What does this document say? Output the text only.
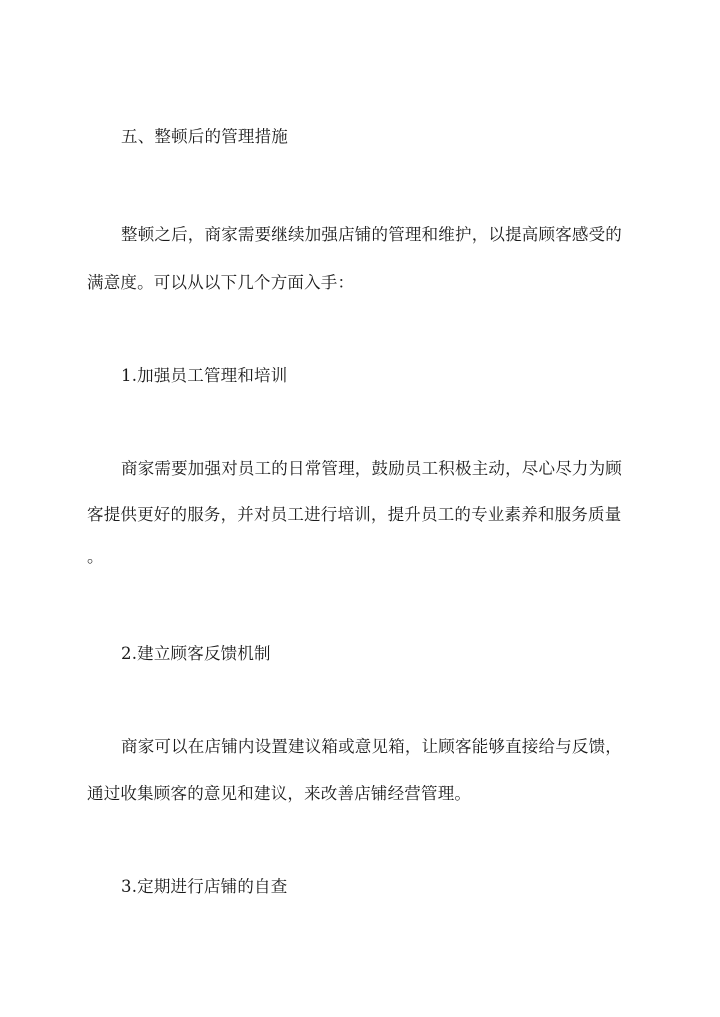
五、整顿后的管理措施
整顿之后，商家需要继续加强店铺的管理和维护，以提高顾客感受的
满意度。可以从以下几个方面入手：
1.加强员工管理和培训
商家需要加强对员工的日常管理，鼓励员工积极主动，尽心尽力为顾
客提供更好的服务，并对员工进行培训，提升员工的专业素养和服务质量
。
2.建立顾客反馈机制
商家可以在店铺内设置建议箱或意见箱，让顾客能够直接给与反馈，
通过收集顾客的意见和建议，来改善店铺经营管理。
3.定期进行店铺的自查
